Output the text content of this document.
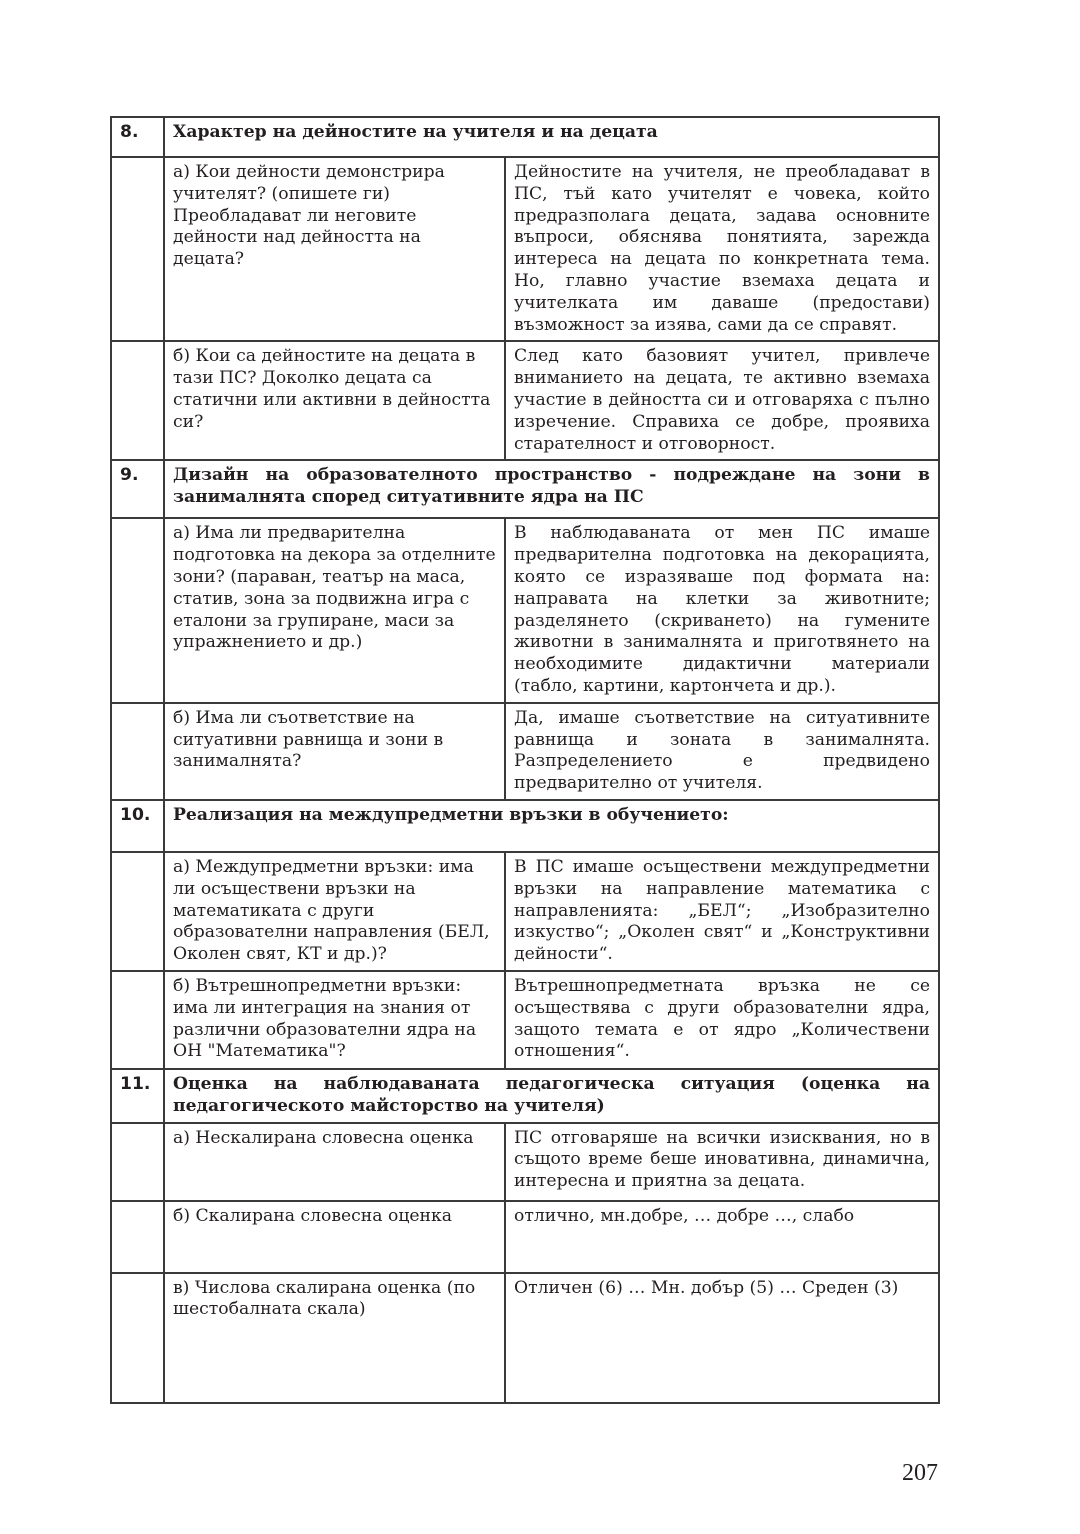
8.	Характер на дейностите на учителя и на децата	
	а) Кои дейности демонстрира учителят? (опишете ги) Преобладават ли неговите дейности над дейността на децата?	Дейностите на учителя, не преобладават в ПС, тъй като учителят е човека, който предразполага децата, задава основните въпроси, обяснява понятията, зарежда интереса на децата по конкретната тема. Но, главно участие вземаха децата и учителката им даваше (предостави) възможност за изява, сами да се справят.
	б) Кои са дейностите на децата в тази ПС? Доколко децата са статични или активни в дейността си?	След като базовият учител, привлече вниманието на децата, те активно вземаха участие в дейността си и отговаряха с пълно изречение. Справиха се добре, проявиха старателност и отговорност.
9.	Дизайн на образователното пространство - подреждане на зони в занималнята според ситуативните ядра на ПС	
	а) Има ли предварителна подготовка на декора за отделните зони? (параван, театър на маса, статив, зона за подвижна игра с еталони за групиране, маси за упражнението и др.)	В наблюдаваната от мен ПС имаше предварителна подготовка на декорацията, която се изразяваше под формата на: направата на клетки за животните; разделянето (скриването) на гумените животни в занималнята и приготвянето на необходимите дидактични материали (табло, картини, картончета и др.).
	б) Има ли съответствие на ситуативни равнища и зони в занималнята?	Да, имаше съответствие на ситуативните равнища и зоната в занималнята. Разпределението е предвидено предварително от учителя.
10.	Реализация на междупредметни връзки в обучението:	
	а) Междупредметни връзки: има ли осъществени връзки на математиката с други образователни направления (БЕЛ, Околен свят, КТ и др.)?	В ПС имаше осъществени междупредметни връзки на направление математика с направленията: „БЕЛ“; „Изобразително изкуство“; „Околен свят“ и „Конструктивни дейности“.
	б) Вътрешнопредметни връзки: има ли интеграция на знания от различни образователни ядра на ОН "Математика"?	Вътрешнопредметната връзка не се осъществява с други образователни ядра, защото темата е от ядро „Количествени отношения“.
11.	Оценка на наблюдаваната педагогическа ситуация (оценка на педагогическото майсторство на учителя)	
	а) Нескалирана словесна оценка	ПС отговаряше на всички изисквания, но в същото време беше иновативна, динамична, интересна и приятна за децата.
	б) Скалирана словесна оценка	отлично, мн.добре, … добре …, слабо
	в) Числова скалирана оценка (по шестобалната скала)	Отличен (6) … Мн. добър (5) … Среден (3)
207
